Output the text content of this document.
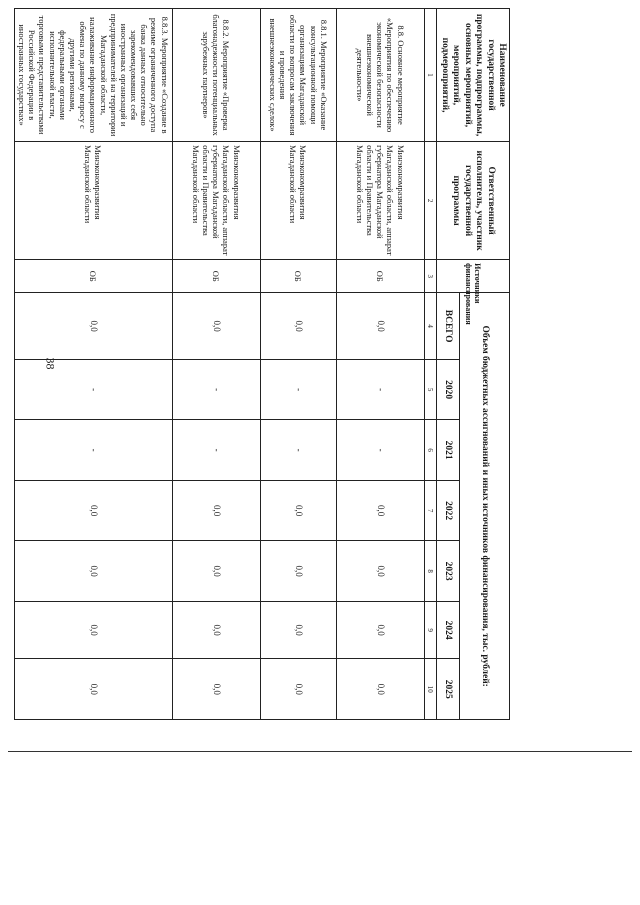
38
Наименование государственной программы, подпрограммы, основных мероприятий, мероприятий, подмероприятий,	Ответственный исполнитель, участник государственной программы	Источники финансирования	Объем бюджетных ассигнований и иных источников финансирования, тыс. рублей:						
			ВСЕГО	2020	2021	2022	2023	2024	2025
1	2	3	4	5	6	7	8	9	10
8.8. Основное мероприятие «Мероприятия по обеспечению экономической безопасности внешнеэкономической деятельности»	Минэкономразвития Магаданской области, аппарат губернатора Магаданской области и Правительства Магаданской области	ОБ	0,0	-	-	0,0	0,0	0,0	0,0
8.8.1. Мероприятие «Оказание консультационной помощи организациям Магаданской области по вопросам заключения и проведения внешнеэкономических сделок»	Минэкономразвития Магаданской области	ОБ	0,0	-	-	0,0	0,0	0,0	0,0
8.8.2. Мероприятие «Проверка благонадежности потенциальных зарубежных партнеров»	Минэкономразвития Магаданской области, аппарат губернатора Магаданской области и Правительства Магаданской области	ОБ	0,0	-	-	0,0	0,0	0,0	0,0
8.8.3. Мероприятие «Создание в режиме ограниченного доступа банка данных относительно зарекомендовавших себя иностранных организаций и предпринимателей на территории Магаданской области, налаживание информационного обмена по данному вопросу с другими регионами, федеральными органами исполнительной власти, торговыми представительствами Российской Федерации в иностранных государствах»	Минэкономразвития Магаданской области	ОБ	0,0	-	-	0,0	0,0	0,0	0,0
